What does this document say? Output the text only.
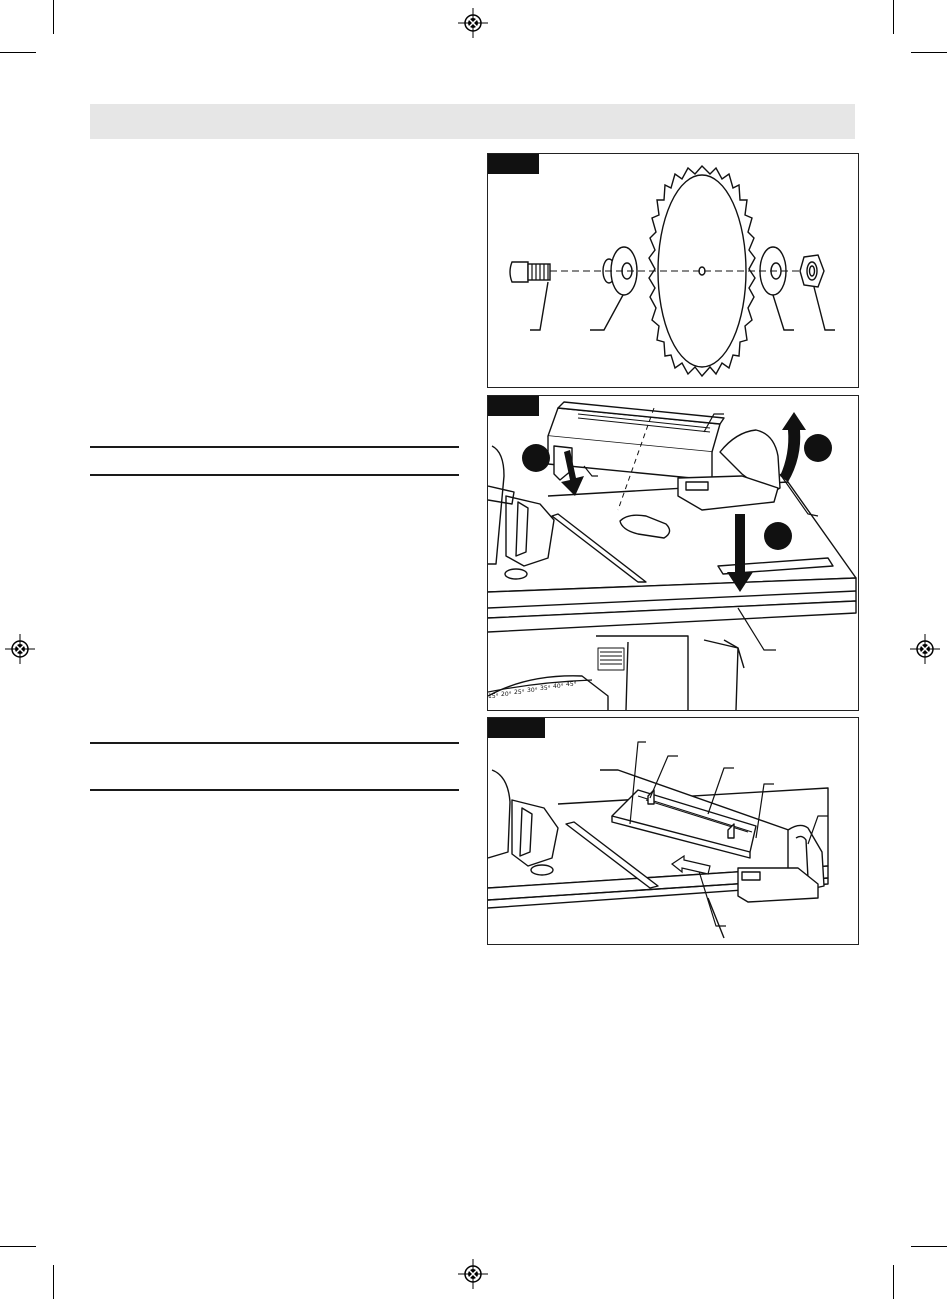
15° 20° 25° 30° 35° 40° 45°
